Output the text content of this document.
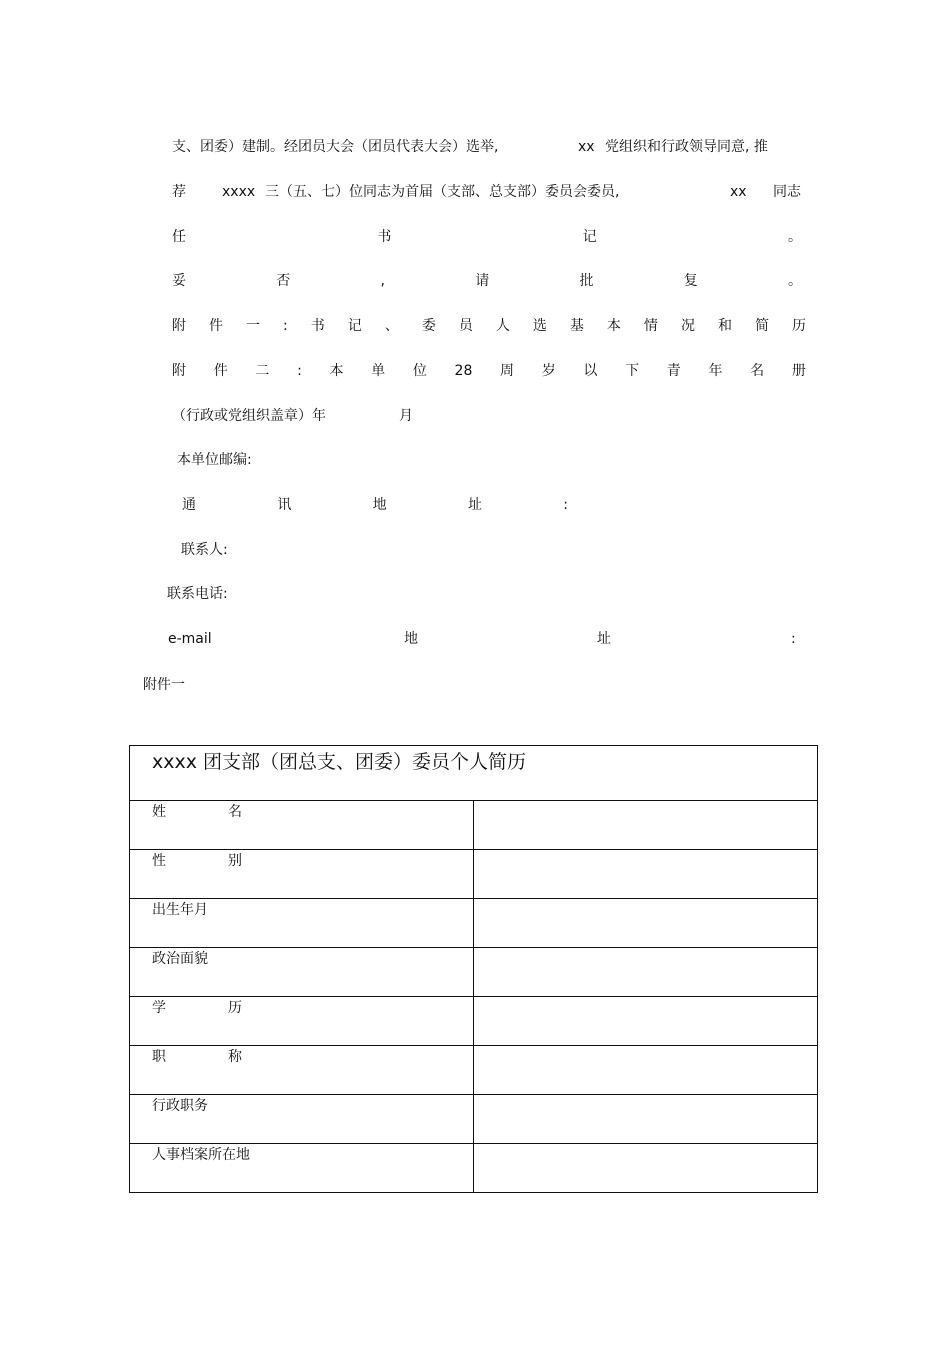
支、团委）建制。经团员大会（团员代表大会）选举,	xx 党组织和行政领导同意, 推
荐	xxxx 三（五、七）位同志为首届（支部、总支部）委员会委员,	xx 同志
任	书	记	。
妥	否	,	请	批	复	。
附 件 一 : 书 记 、 委 员 人 选 基 本 情 况 和 简 历
附 件 二 : 本 单 位 28 周 岁 以 下 青 年 名 册
（行政或党组织盖章）年	月
本单位邮编:
通	讯	地	址	:
联系人:
联系电话:
e-mail	地	址	:
附件一
xxxx 团支部（团总支、团委）委员个人简历	

姓 名	

性 别	

出生年月	

政治面貌	

学 历	

职 称	

行政职务	

人事档案所在地	
